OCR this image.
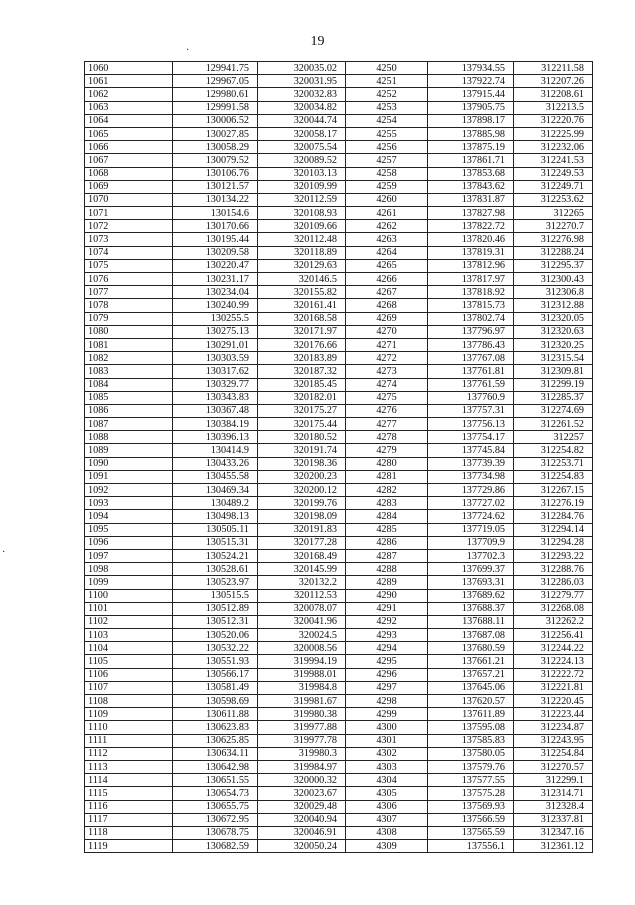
19
·
·
1060	129941.75	320035.02	4250	137934.55	312211.58
1061	129967.05	320031.95	4251	137922.74	312207.26
1062	129980.61	320032.83	4252	137915.44	312208.61
1063	129991.58	320034.82	4253	137905.75	312213.5
1064	130006.52	320044.74	4254	137898.17	312220.76
1065	130027.85	320058.17	4255	137885.98	312225.99
1066	130058.29	320075.54	4256	137875.19	312232.06
1067	130079.52	320089.52	4257	137861.71	312241.53
1068	130106.76	320103.13	4258	137853.68	312249.53
1069	130121.57	320109.99	4259	137843.62	312249.71
1070	130134.22	320112.59	4260	137831.87	312253.62
1071	130154.6	320108.93	4261	137827.98	312265
1072	130170.66	320109.66	4262	137822.72	312270.7
1073	130195.44	320112.48	4263	137820.46	312276.98
1074	130209.58	320118.89	4264	137819.31	312288.24
1075	130220.47	320129.63	4265	137812.96	312295.37
1076	130231.17	320146.5	4266	137817.97	312300.43
1077	130234.04	320155.82	4267	137818.92	312306.8
1078	130240.99	320161.41	4268	137815.73	312312.88
1079	130255.5	320168.58	4269	137802.74	312320.05
1080	130275.13	320171.97	4270	137796.97	312320.63
1081	130291.01	320176.66	4271	137786.43	312320.25
1082	130303.59	320183.89	4272	137767.08	312315.54
1083	130317.62	320187.32	4273	137761.81	312309.81
1084	130329.77	320185.45	4274	137761.59	312299.19
1085	130343.83	320182.01	4275	137760.9	312285.37
1086	130367.48	320175.27	4276	137757.31	312274.69
1087	130384.19	320175.44	4277	137756.13	312261.52
1088	130396.13	320180.52	4278	137754.17	312257
1089	130414.9	320191.74	4279	137745.84	312254.82
1090	130433.26	320198.36	4280	137739.39	312253.71
1091	130455.58	320200.23	4281	137734.98	312254.83
1092	130469.34	320200.12	4282	137729.86	312267.15
1093	130489.2	320199.76	4283	137727.02	312276.19
1094	130498.13	320198.09	4284	137724.62	312284.76
1095	130505.11	320191.83	4285	137719.05	312294.14
1096	130515.31	320177.28	4286	137709.9	312294.28
1097	130524.21	320168.49	4287	137702.3	312293.22
1098	130528.61	320145.99	4288	137699.37	312288.76
1099	130523.97	320132.2	4289	137693.31	312286.03
1100	130515.5	320112.53	4290	137689.62	312279.77
1101	130512.89	320078.07	4291	137688.37	312268.08
1102	130512.31	320041.96	4292	137688.11	312262.2
1103	130520.06	320024.5	4293	137687.08	312256.41
1104	130532.22	320008.56	4294	137680.59	312244.22
1105	130551.93	319994.19	4295	137661.21	312224.13
1106	130566.17	319988.01	4296	137657.21	312222.72
1107	130581.49	319984.8	4297	137645.06	312221.81
1108	130598.69	319981.67	4298	137620.57	312220.45
1109	130611.88	319980.38	4299	137611.89	312223.44
1110	130623.83	319977.88	4300	137595.08	312234.87
1111	130625.85	319977.78	4301	137585.83	312243.95
1112	130634.11	319980.3	4302	137580.05	312254.84
1113	130642.98	319984.97	4303	137579.76	312270.57
1114	130651.55	320000.32	4304	137577.55	312299.1
1115	130654.73	320023.67	4305	137575.28	312314.71
1116	130655.75	320029.48	4306	137569.93	312328.4
1117	130672.95	320040.94	4307	137566.59	312337.81
1118	130678.75	320046.91	4308	137565.59	312347.16
1119	130682.59	320050.24	4309	137556.1	312361.12
